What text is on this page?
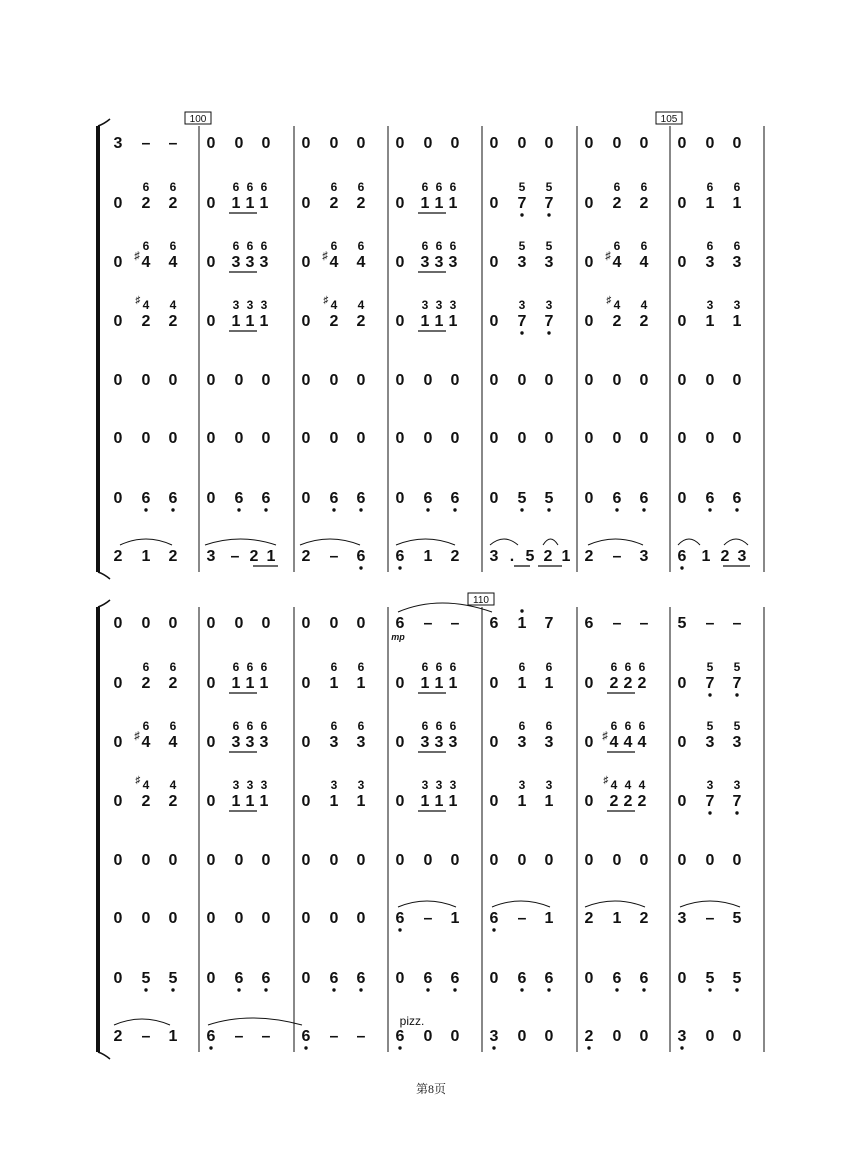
100	105
3 – – 0 0 0 0 0 0 0 0 0 0 0 0 0 0 0 0 0 0
0 2
6
2
6
0 1
6
1
6
1
6
0 2
6
2
6
0 1
6
1
6
1
6
0 7
5
7
5
0 2
6
2
6
0 1
6
1
6
0 4
♯
6
4
6
0 3
6
3
6
3
6
0 4
♯
6
4
6
0 3
6
3
6
3
6
0 3
5
3
5
0 4
♯
6
4
6
0 3
6
3
6
0 2
4
♯
2
4
0 1
3
1
3
1
3
0 2
4
♯
2
4
0 1
3
1
3
1
3
0 7
3
7
3
0 2
4
♯
2
4
0 1
3
1
3
0 0 0 0 0 0 0 0 0 0 0 0 0 0 0 0 0 0 0 0 0
0 0 0 0 0 0 0 0 0 0 0 0 0 0 0 0 0 0 0 0 0
0 6 6 0 6 6 0 6 6 0 6 6 0 5 5 0 6 6 0 6 6
2 1 2 3 – 2 1 2 – 6 6 1 2 3 . 5 2 1 2 – 3 6 1 2 3
110
0 0 0 0 0 0 0 0 0 6 – – 6 1 7 6 – – 5 – –
0 2
6
2
6
0 1
6
1
6
1
6
0 1
6
1
6
0 1
6
1
6
1
6
0 1
6
1
6
0 2
6
2
6
2
6
0 7
5
7
5
0 4
♯
6
4
6
0 3
6
3
6
3
6
0 3
6
3
6
0 3
6
3
6
3
6
0 3
6
3
6
0 4
♯
6
4
6
4
6
0 3
5
3
5
0 2
4
♯
2
4
0 1
3
1
3
1
3
0 1
3
1
3
0 1
3
1
3
1
3
0 1
3
1
3
0 2
4
♯
2
4
2
4
0 7
3
7
3
0 0 0 0 0 0 0 0 0 0 0 0 0 0 0 0 0 0 0 0 0
0 0 0 0 0 0 0 0 0 6 – 1 6 – 1 2 1 2 3 – 5
0 5 5 0 6 6 0 6 6 0 6 6 0 6 6 0 6 6 0 5 5
2 – 1 6 – – 6 – – 6 0 0 3 0 0 2 0 0 3 0 0
mp
pizz.
第8页
